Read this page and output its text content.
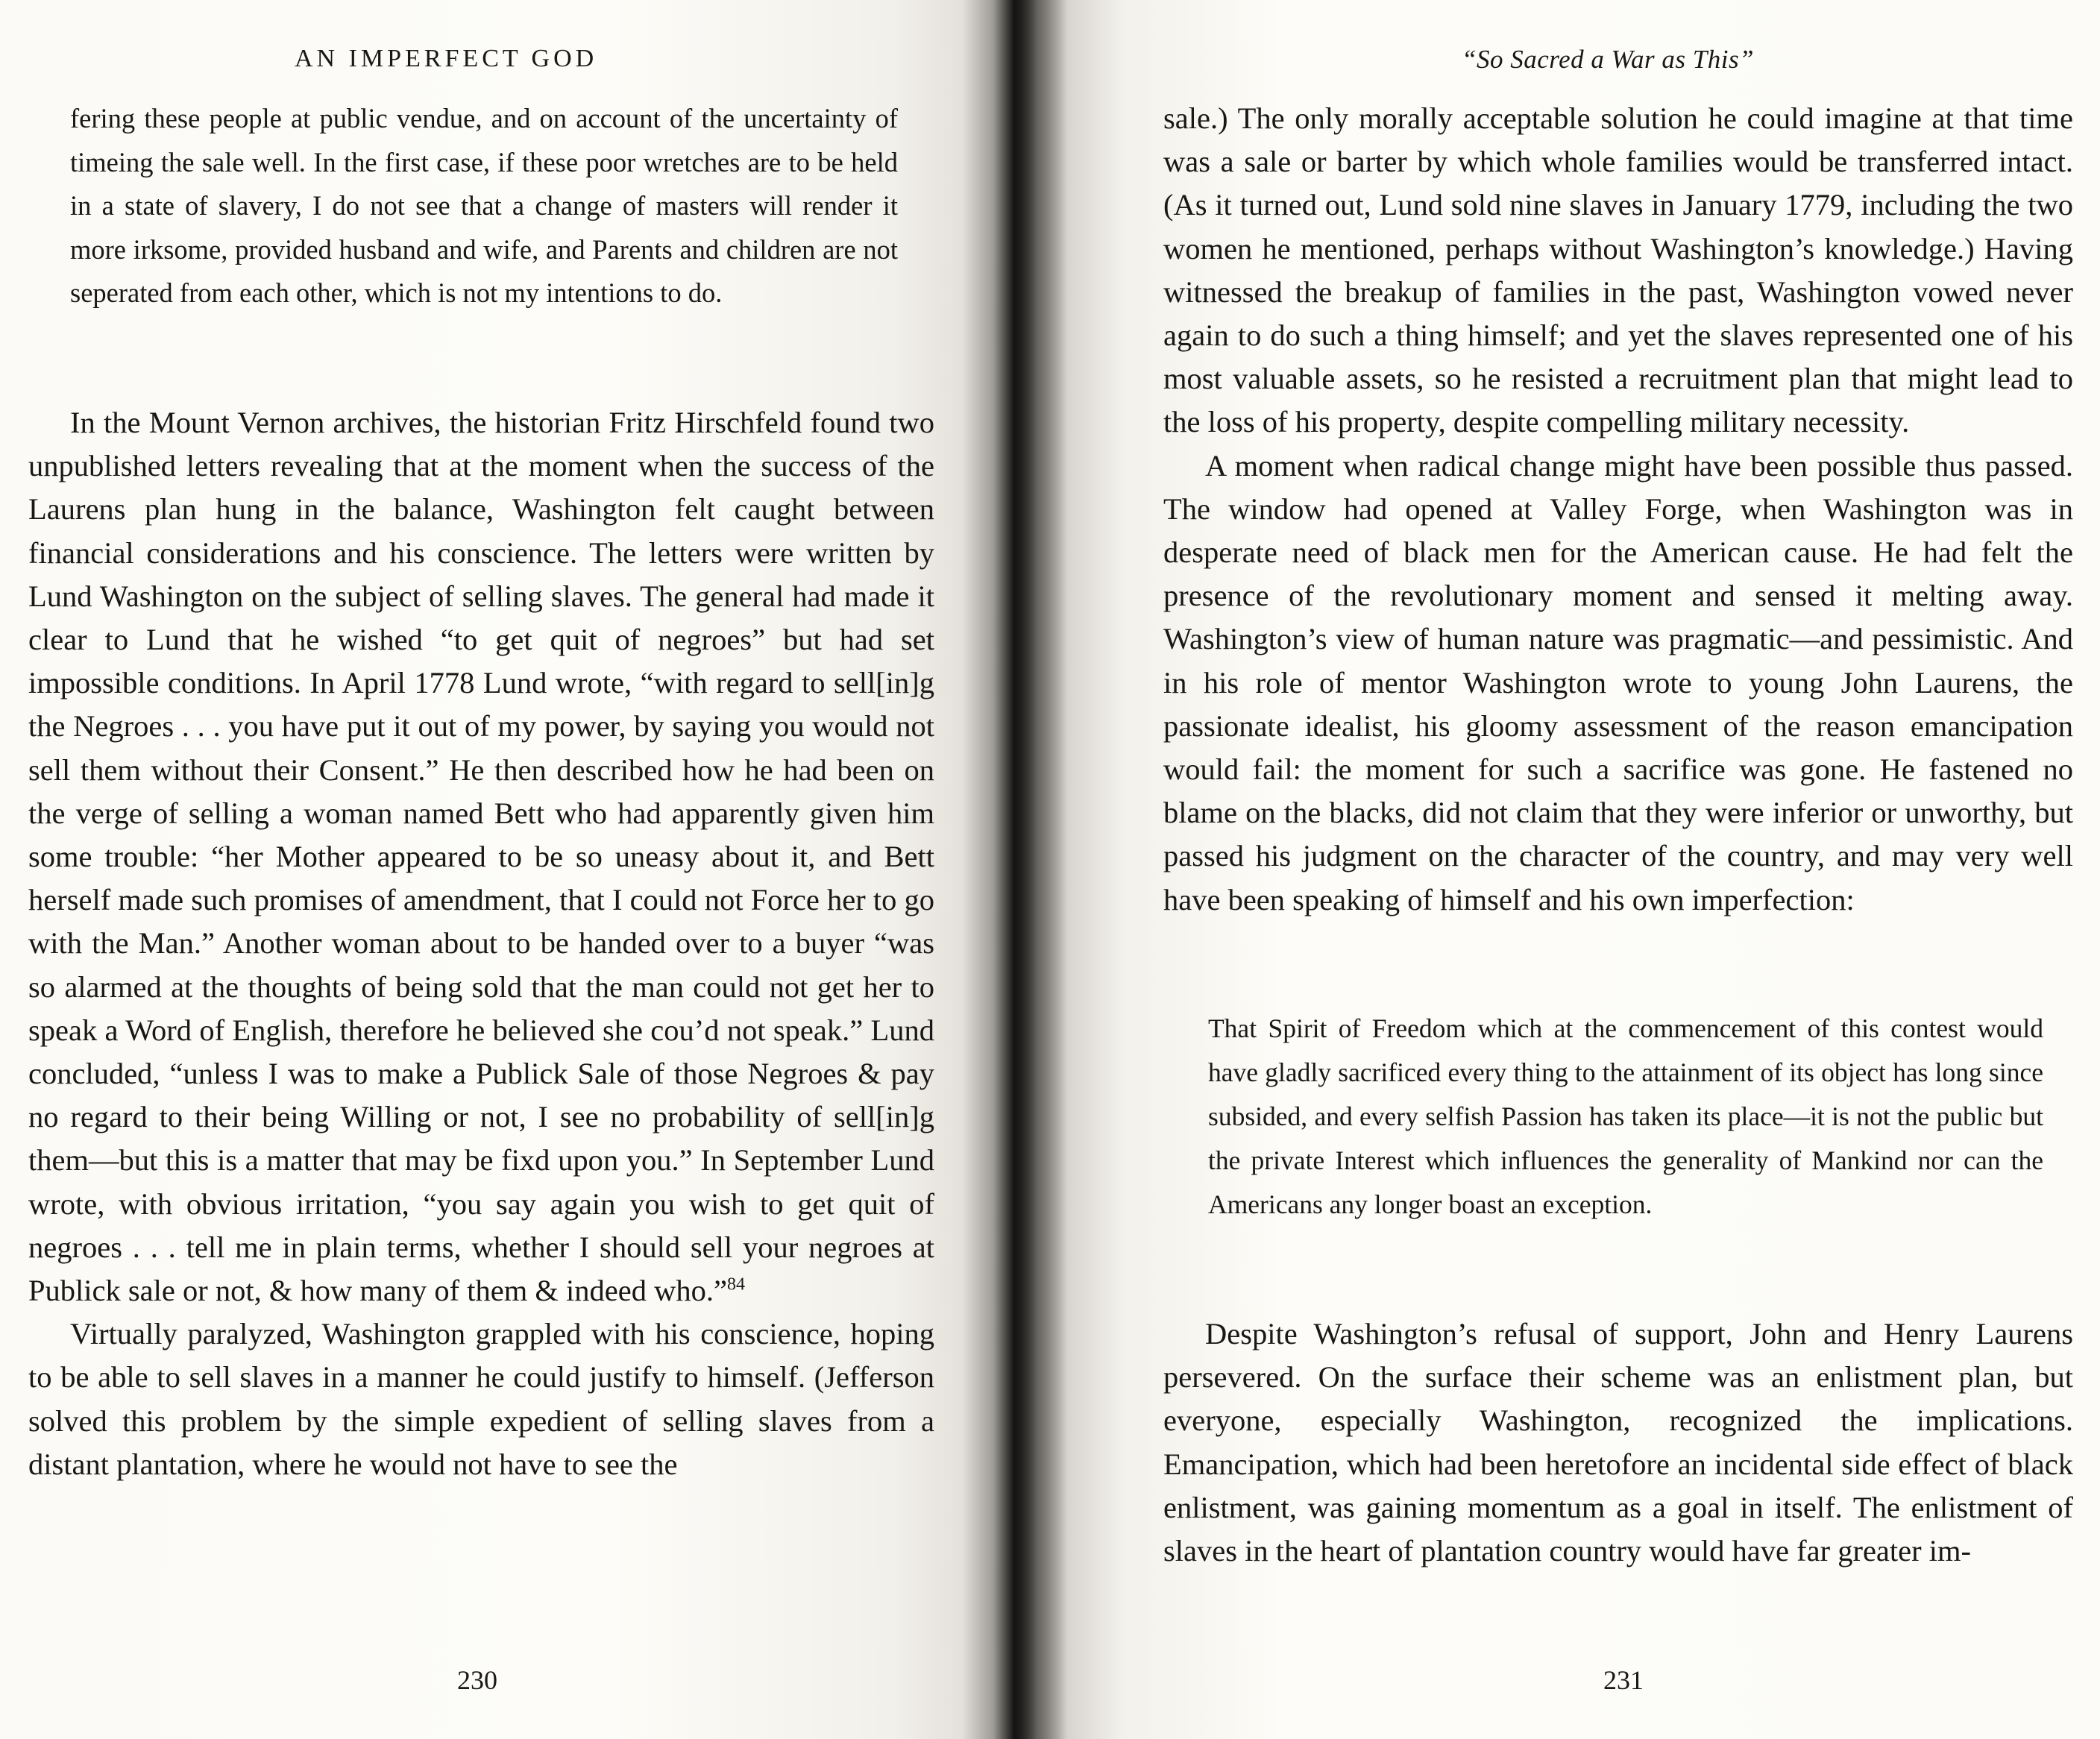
AN IMPERFECT GOD

fering these people at public vendue, and on account of the uncertainty of timeing the sale well. In the first case, if these poor wretches are to be held in a state of slavery, I do not see that a change of masters will render it more irksome, provided husband and wife, and Parents and children are not seperated from each other, which is not my intentions to do.

In the Mount Vernon archives, the historian Fritz Hirschfeld found two unpublished letters revealing that at the moment when the success of the Laurens plan hung in the balance, Washington felt caught between financial considerations and his conscience. The letters were written by Lund Washington on the subject of selling slaves. The general had made it clear to Lund that he wished “to get quit of negroes” but had set impossible conditions. In April 1778 Lund wrote, “with regard to sell[in]g the Negroes . . . you have put it out of my power, by saying you would not sell them without their Consent.” He then described how he had been on the verge of selling a woman named Bett who had apparently given him some trouble: “her Mother appeared to be so uneasy about it, and Bett herself made such promises of amendment, that I could not Force her to go with the Man.” Another woman about to be handed over to a buyer “was so alarmed at the thoughts of being sold that the man could not get her to speak a Word of English, therefore he believed she cou’d not speak.” Lund concluded, “unless I was to make a Publick Sale of those Negroes & pay no regard to their being Willing or not, I see no probability of sell[in]g them—but this is a matter that may be fixd upon you.” In September Lund wrote, with obvious irritation, “you say again you wish to get quit of negroes . . . tell me in plain terms, whether I should sell your negroes at Publick sale or not, & how many of them & indeed who.”$^{84}$

Virtually paralyzed, Washington grappled with his conscience, hoping to be able to sell slaves in a manner he could justify to himself. (Jefferson solved this problem by the simple expedient of selling slaves from a distant plantation, where he would not have to see the

230
“So Sacred a War as This”

sale.) The only morally acceptable solution he could imagine at that time was a sale or barter by which whole families would be transferred intact. (As it turned out, Lund sold nine slaves in January 1779, including the two women he mentioned, perhaps without Washington’s knowledge.) Having witnessed the breakup of families in the past, Washington vowed never again to do such a thing himself; and yet the slaves represented one of his most valuable assets, so he resisted a recruitment plan that might lead to the loss of his property, despite compelling military necessity.

A moment when radical change might have been possible thus passed. The window had opened at Valley Forge, when Washington was in desperate need of black men for the American cause. He had felt the presence of the revolutionary moment and sensed it melting away. Washington’s view of human nature was pragmatic—and pessimistic. And in his role of mentor Washington wrote to young John Laurens, the passionate idealist, his gloomy assessment of the reason emancipation would fail: the moment for such a sacrifice was gone. He fastened no blame on the blacks, did not claim that they were inferior or unworthy, but passed his judgment on the character of the country, and may very well have been speaking of himself and his own imperfection:

That Spirit of Freedom which at the commencement of this contest would have gladly sacrificed every thing to the attainment of its object has long since subsided, and every selfish Passion has taken its place—it is not the public but the private Interest which influences the generality of Mankind nor can the Americans any longer boast an exception.

Despite Washington’s refusal of support, John and Henry Laurens persevered. On the surface their scheme was an enlistment plan, but everyone, especially Washington, recognized the implications. Emancipation, which had been heretofore an incidental side effect of black enlistment, was gaining momentum as a goal in itself. The enlistment of slaves in the heart of plantation country would have far greater im-

231
